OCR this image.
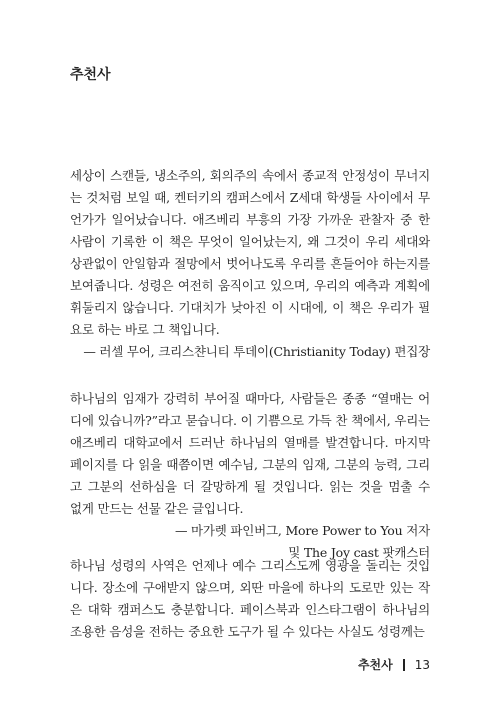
추천사
세상이 스캔들, 냉소주의, 회의주의 속에서 종교적 안정성이 무너지
는 것처럼 보일 때, 켄터키의 캠퍼스에서 Z세대 학생들 사이에서 무
언가가 일어났습니다. 애즈베리 부흥의 가장 가까운 관찰자 중 한
사람이 기록한 이 책은 무엇이 일어났는지, 왜 그것이 우리 세대와
상관없이 안일함과 절망에서 벗어나도록 우리를 흔들어야 하는지를
보여줍니다. 성령은 여전히 움직이고 있으며, 우리의 예측과 계획에
휘둘리지 않습니다. 기대치가 낮아진 이 시대에, 이 책은 우리가 필
요로 하는 바로 그 책입니다.
— 러셀 무어, 크리스챤니티 투데이(Christianity Today) 편집장
하나님의 임재가 강력히 부어질 때마다, 사람들은 종종 “열매는 어
디에 있습니까?”라고 묻습니다. 이 기쁨으로 가득 찬 책에서, 우리는
애즈베리 대학교에서 드러난 하나님의 열매를 발견합니다. 마지막
페이지를 다 읽을 때쯤이면 예수님, 그분의 임재, 그분의 능력, 그리
고 그분의 선하심을 더 갈망하게 될 것입니다. 읽는 것을 멈출 수
없게 만드는 선물 같은 글입니다.
— 마가렛 파인버그, More Power to You 저자
및 The Joy cast 팟캐스터
하나님 성령의 사역은 언제나 예수 그리스도께 영광을 돌리는 것입
니다. 장소에 구애받지 않으며, 외딴 마을에 하나의 도로만 있는 작
은 대학 캠퍼스도 충분합니다. 페이스북과 인스타그램이 하나님의
조용한 음성을 전하는 중요한 도구가 될 수 있다는 사실도 성령께는
추천사 13
